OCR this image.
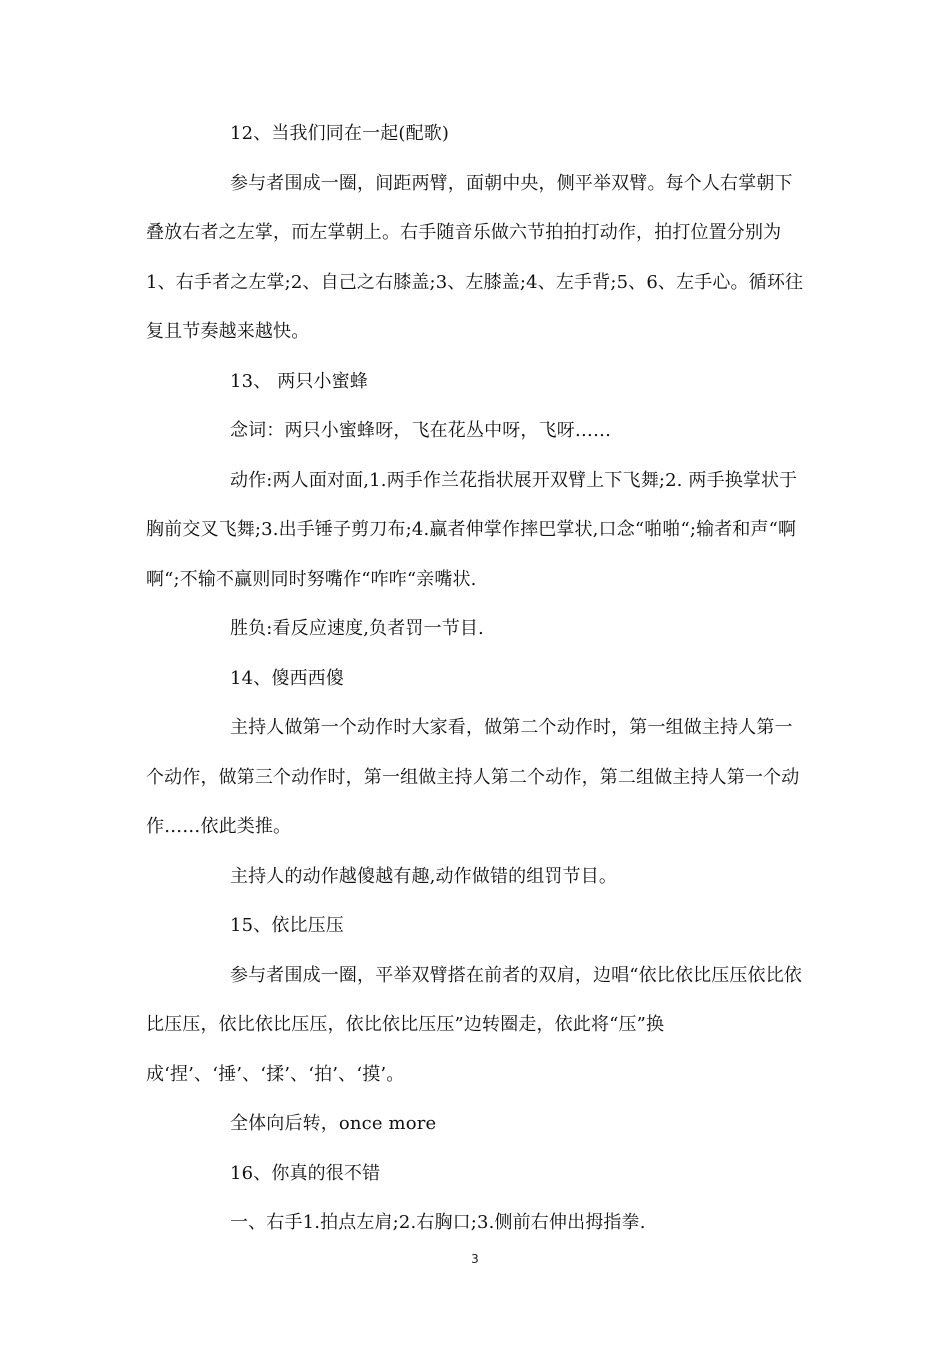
12、当我们同在一起(配歌)

参与者围成一圈，间距两臂，面朝中央，侧平举双臂。每个人右掌朝下叠放右者之左掌，而左掌朝上。右手随音乐做六节拍拍打动作，拍打位置分别为1、右手者之左掌;2、自己之右膝盖;3、左膝盖;4、左手背;5、6、左手心。循环往复且节奏越来越快。

13、 两只小蜜蜂

念词：两只小蜜蜂呀，飞在花丛中呀，飞呀……

动作:两人面对面,1.两手作兰花指状展开双臂上下飞舞;2. 两手换掌状于胸前交叉飞舞;3.出手锤子剪刀布;4.赢者伸掌作摔巴掌状,口念“啪啪“;输者和声“啊啊“;不输不赢则同时努嘴作“咋咋“亲嘴状.

胜负:看反应速度,负者罚一节目.

14、傻西西傻

主持人做第一个动作时大家看，做第二个动作时，第一组做主持人第一个动作，做第三个动作时，第一组做主持人第二个动作，第二组做主持人第一个动作……依此类推。

主持人的动作越傻越有趣,动作做错的组罚节目。

15、依比压压

参与者围成一圈，平举双臂搭在前者的双肩，边唱“依比依比压压依比依比压压，依比依比压压，依比依比压压”边转圈走，依此将“压”换成‘捏’、‘捶’、‘揉’、‘拍’、‘摸’。

全体向后转，once more

16、你真的很不错

一、右手1.拍点左肩;2.右胸口;3.侧前右伸出拇指拳.

3
